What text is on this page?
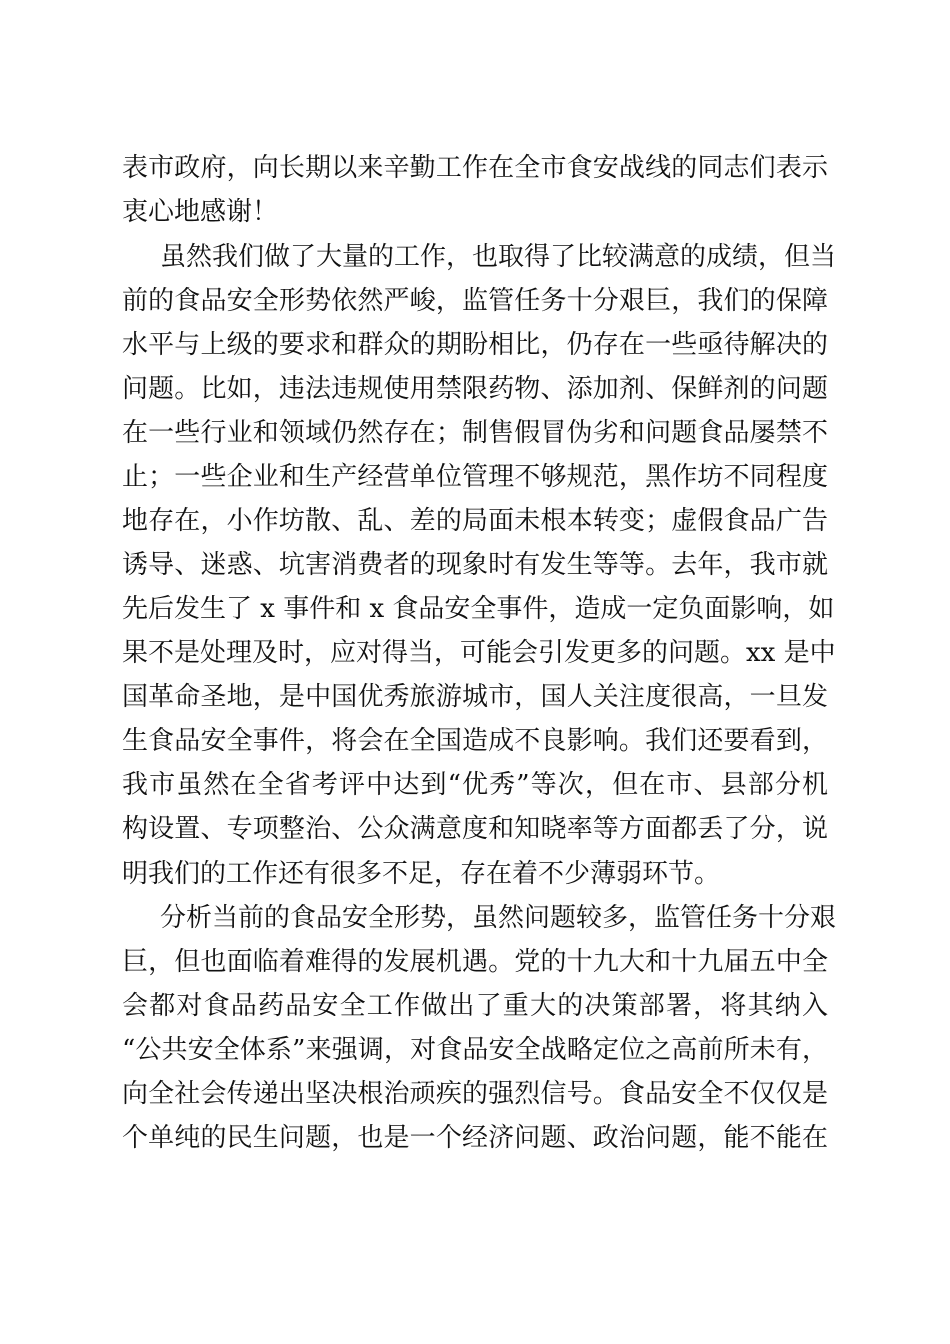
表市政府，向长期以来辛勤工作在全市食安战线的同志们表示
衷心地感谢！
虽然我们做了大量的工作，也取得了比较满意的成绩，但当
前的食品安全形势依然严峻，监管任务十分艰巨，我们的保障
水平与上级的要求和群众的期盼相比，仍存在一些亟待解决的
问题。比如，违法违规使用禁限药物、添加剂、保鲜剂的问题
在一些行业和领域仍然存在；制售假冒伪劣和问题食品屡禁不
止；一些企业和生产经营单位管理不够规范，黑作坊不同程度
地存在，小作坊散、乱、差的局面未根本转变；虚假食品广告
诱导、迷惑、坑害消费者的现象时有发生等等。去年，我市就
先后发生了 x 事件和 x 食品安全事件，造成一定负面影响，如
果不是处理及时，应对得当，可能会引发更多的问题。xx 是中
国革命圣地，是中国优秀旅游城市，国人关注度很高，一旦发
生食品安全事件，将会在全国造成不良影响。我们还要看到，
我市虽然在全省考评中达到“优秀”等次，但在市、县部分机
构设置、专项整治、公众满意度和知晓率等方面都丢了分，说
明我们的工作还有很多不足，存在着不少薄弱环节。
分析当前的食品安全形势，虽然问题较多，监管任务十分艰
巨，但也面临着难得的发展机遇。党的十九大和十九届五中全
会都对食品药品安全工作做出了重大的决策部署，将其纳入
“公共安全体系”来强调，对食品安全战略定位之高前所未有，
向全社会传递出坚决根治顽疾的强烈信号。食品安全不仅仅是
个单纯的民生问题，也是一个经济问题、政治问题，能不能在
